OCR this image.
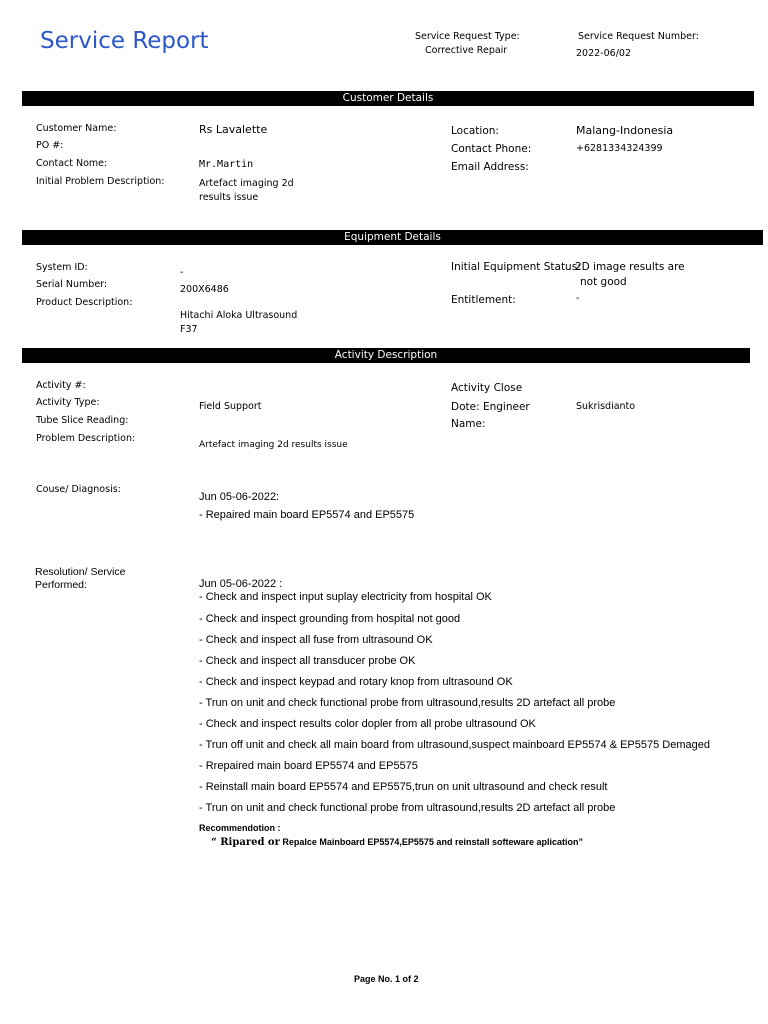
Service Report	Service Request Type:
Corrective Repair
Service Request Number:
2022-06/02
Customer Details
Customer Name:	Rs Lavalette
PO #:
Contact Nome:	Mr.Martin
Initial Problem Description:	Artefact imaging 2d
results issue
Location:	Malang-Indonesia
Contact Phone:	+6281334324399
Email Address:
Equipment Details
System ID:	-
Serial Number:	200X6486
Product Description:
Hitachi Aloka Ultrasound
F37
Initial Equipment Status:
2D image results are
not good
Entitlement:	-
Activity Description
Activity #:
Activity Type:	Field Support
Tube Slice Reading:
Problem Description:
Artefact imaging 2d results issue
Activity Close
Dote: Engineer
Name:
Sukrisdianto
Couse/ Diagnosis:
Jun 05-06-2022:
- Repaired main board EP5574 and EP5575
Resolution/ Service
Performed:	Jun 05-06-2022 :
- Check and inspect input suplay electricity from hospital OK
- Check and inspect grounding from hospital not good
- Check and inspect all fuse from ultrasound OK
- Check and inspect all transducer probe OK
- Check and inspect keypad and rotary knop from ultrasound OK
- Trun on unit and check functional probe from ultrasound,results 2D artefact all probe
- Check and inspect results color dopler from all probe ultrasound OK
- Trun off unit and check all main board from ultrasound,suspect mainboard EP5574 & EP5575 Demaged
- Rrepaired main board EP5574 and EP5575
- Reinstall main board EP5574 and EP5575,trun on unit ultrasound and check result
- Trun on unit and check functional probe from ultrasound,results 2D artefact all probe
Recommendotion :
“ Ripared or Repalce Mainboard EP5574,EP5575 and reinstall softeware aplication”
Page No. 1 of 2
